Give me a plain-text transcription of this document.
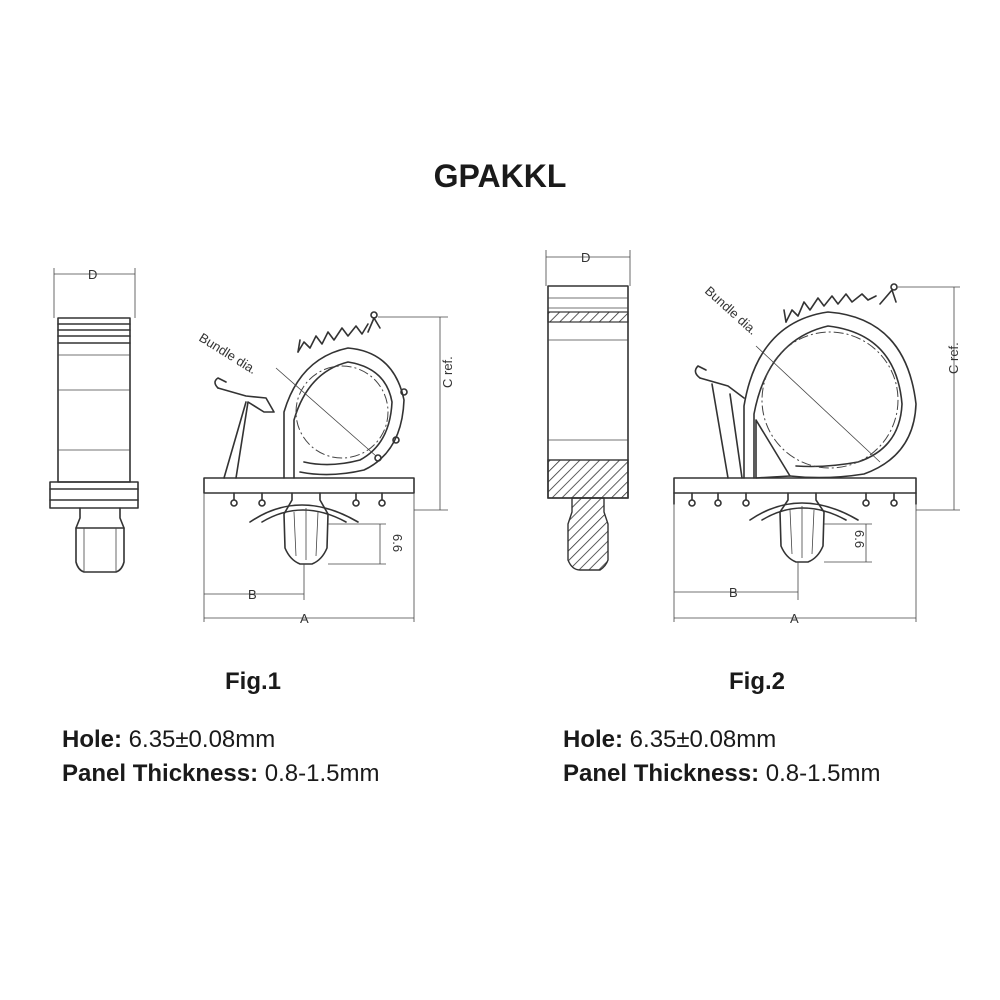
GPAKKL
D
Bundle dia.	C ref.
6.6
B
A
D
Bundle dia.
C ref.
6.6
B
A
Fig.1	Fig.2
Hole: 6.35±0.08mm
Panel Thickness: 0.8-1.5mm
Hole: 6.35±0.08mm
Panel Thickness: 0.8-1.5mm
